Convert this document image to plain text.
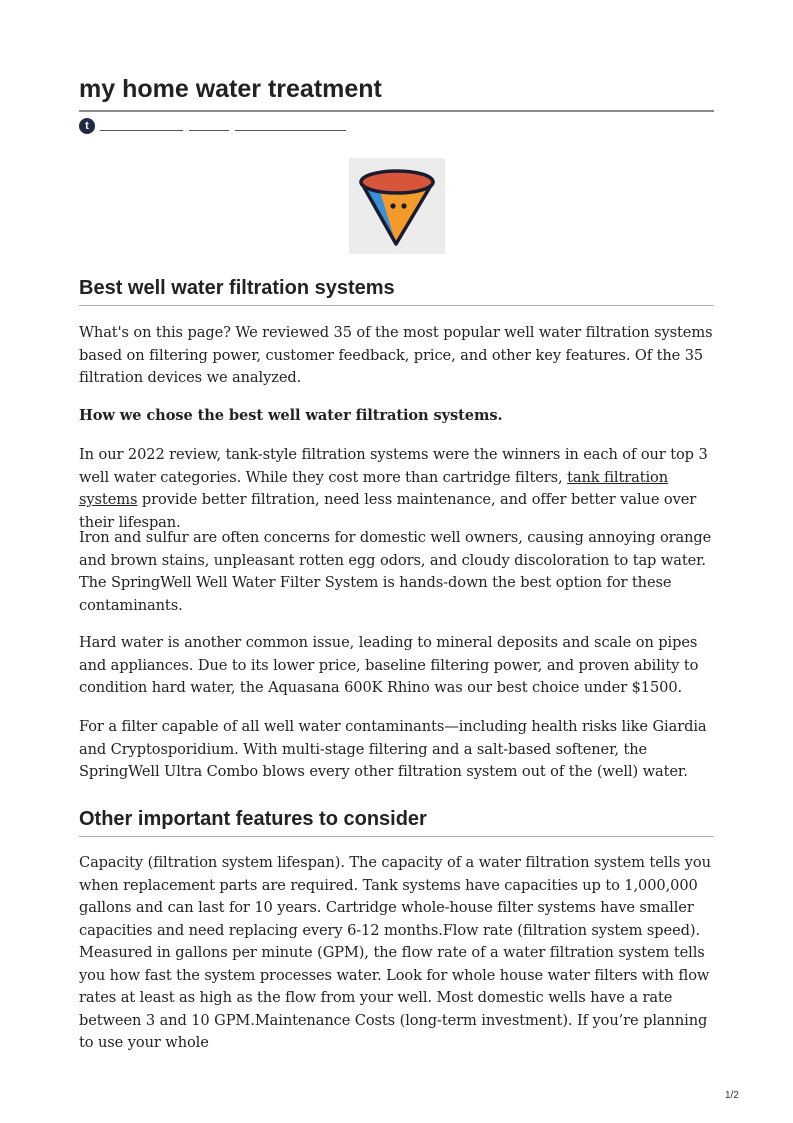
my home water treatment
t
Best well water filtration systems

What's on this page? We reviewed 35 of the most popular well water filtration systems based on filtering power, customer feedback, price, and other key features. Of the 35 filtration devices we analyzed.

How we chose the best well water filtration systems.

In our 2022 review, tank-style filtration systems were the winners in each of our top 3 well water categories. While they cost more than cartridge filters, tank filtration systems provide better filtration, need less maintenance, and offer better value over their lifespan.

Iron and sulfur are often concerns for domestic well owners, causing annoying orange and brown stains, unpleasant rotten egg odors, and cloudy discoloration to tap water. The SpringWell Well Water Filter System is hands-down the best option for these contaminants.

Hard water is another common issue, leading to mineral deposits and scale on pipes and appliances. Due to its lower price, baseline filtering power, and proven ability to condition hard water, the Aquasana 600K Rhino was our best choice under $1500.

For a filter capable of all well water contaminants—including health risks like Giardia and Cryptosporidium. With multi-stage filtering and a salt-based softener, the SpringWell Ultra Combo blows every other filtration system out of the (well) water.

Other important features to consider

Capacity (filtration system lifespan). The capacity of a water filtration system tells you when replacement parts are required. Tank systems have capacities up to 1,000,000 gallons and can last for 10 years. Cartridge whole-house filter systems have smaller capacities and need replacing every 6-12 months.Flow rate (filtration system speed). Measured in gallons per minute (GPM), the flow rate of a water filtration system tells you how fast the system processes water. Look for whole house water filters with flow rates at least as high as the flow from your well. Most domestic wells have a rate between 3 and 10 GPM.Maintenance Costs (long-term investment). If you’re planning to use your whole

1/2
